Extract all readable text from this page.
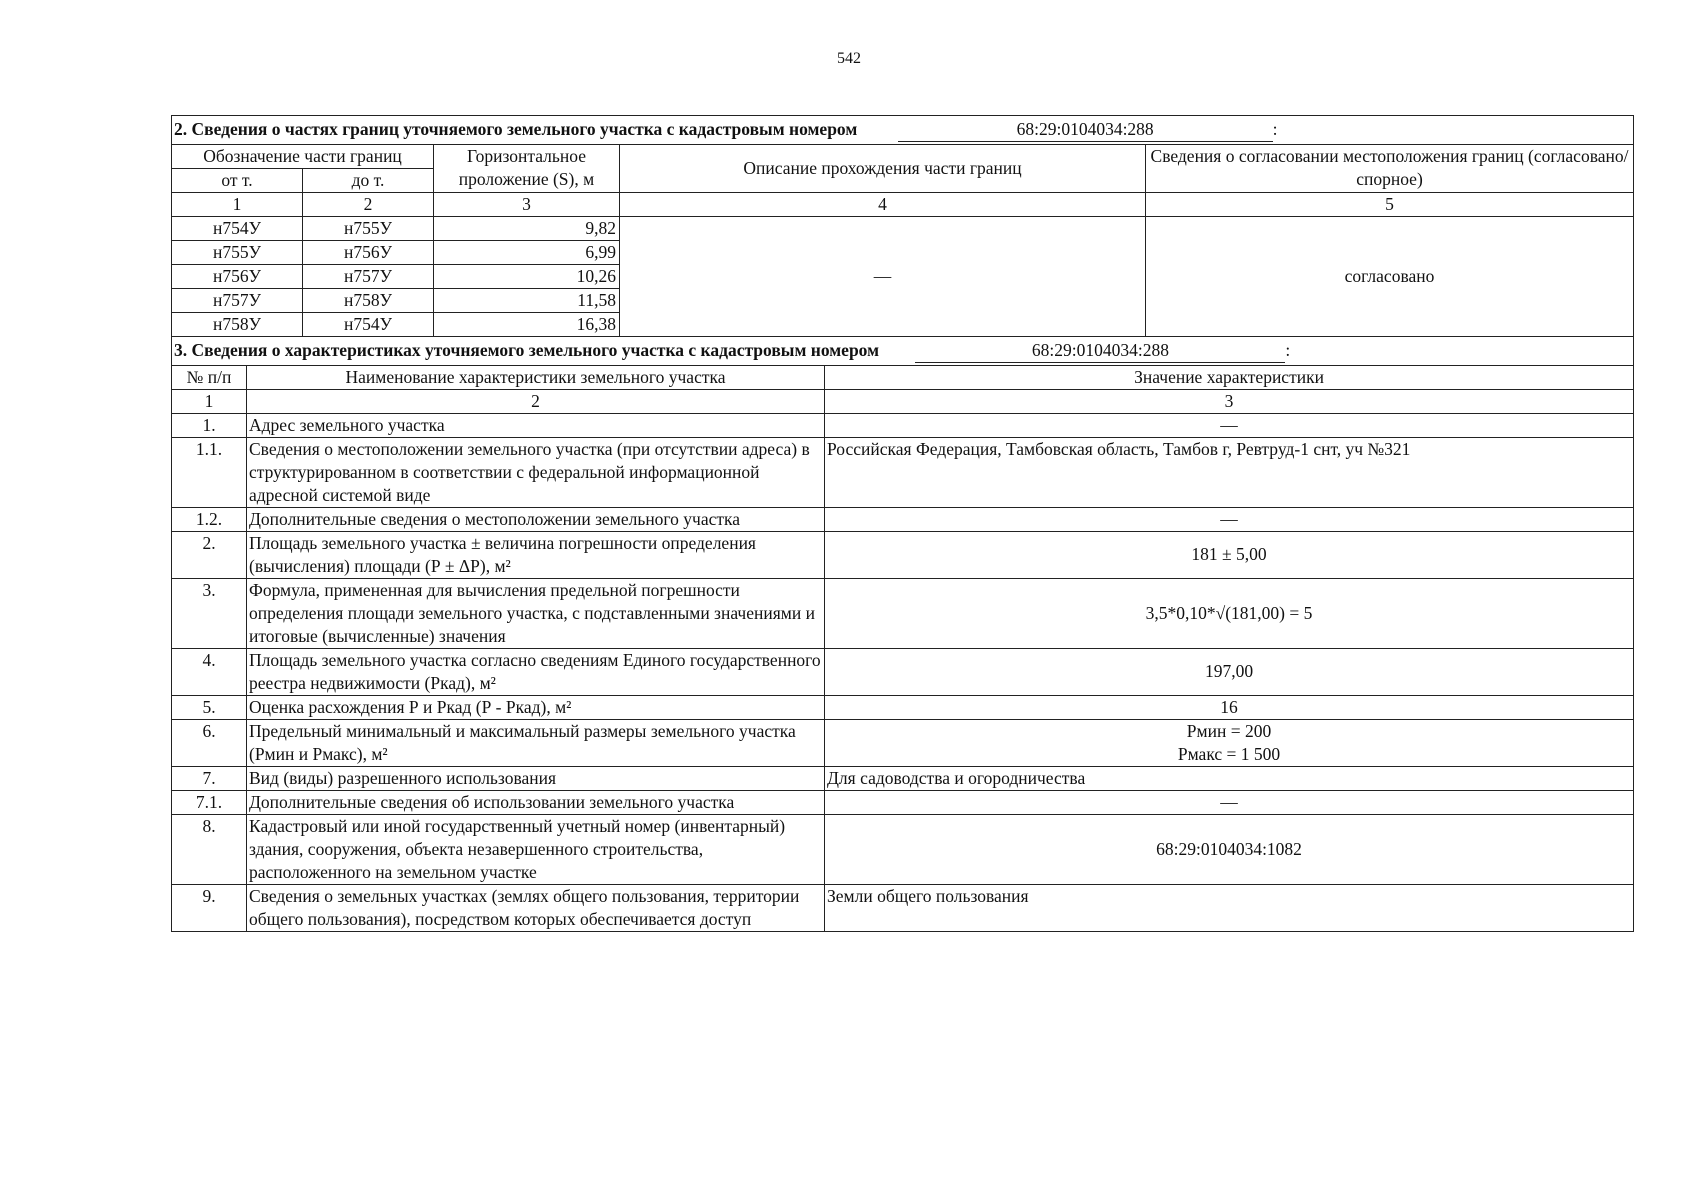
542
2. Сведения о частях границ уточняемого земельного участка с кадастровым номером 68:29:0104034:288 :				
Обозначение части границ		Горизонтальное проложение (S), м	Описание прохождения части границ	Сведения о согласовании местоположения границ (согласовано/спорное)
от т.	до т.			
1	2	3	4	5
н754У	н755У	9,82	—	согласовано
н755У	н756У	6,99		
н756У	н757У	10,26		
н757У	н758У	11,58		
н758У	н754У	16,38		
3. Сведения о характеристиках уточняемого земельного участка с кадастровым номером 68:29:0104034:288 :		
№ п/п	Наименование характеристики земельного участка	Значение характеристики
1	2	3
1.	Адрес земельного участка	—
1.1.	Сведения о местоположении земельного участка (при отсутствии адреса) в структурированном в соответствии с федеральной информационной адресной системой виде	Российская Федерация, Тамбовская область, Тамбов г, Ревтруд-1 снт, уч №321
1.2.	Дополнительные сведения о местоположении земельного участка	—
2.	Площадь земельного участка ± величина погрешности определения (вычисления) площади (Р ± ΔР), м²	181 ± 5,00
3.	Формула, примененная для вычисления предельной погрешности определения площади земельного участка, с подставленными значениями и итоговые (вычисленные) значения	3,5*0,10*√(181,00) = 5
4.	Площадь земельного участка согласно сведениям Единого государственного реестра недвижимости (Ркад), м²	197,00
5.	Оценка расхождения Р и Ркад (Р - Ркад), м²	16
6.	Предельный минимальный и максимальный размеры земельного участка (Рмин и Рмакс), м²	Рмин = 200
Рмакс = 1 500

7.	Вид (виды) разрешенного использования	Для садоводства и огородничества
7.1.	Дополнительные сведения об использовании земельного участка	—
8.	Кадастровый или иной государственный учетный номер (инвентарный) здания, сооружения, объекта незавершенного строительства, расположенного на земельном участке	68:29:0104034:1082
9.	Сведения о земельных участках (землях общего пользования, территории общего пользования), посредством которых обеспечивается доступ	Земли общего пользования
